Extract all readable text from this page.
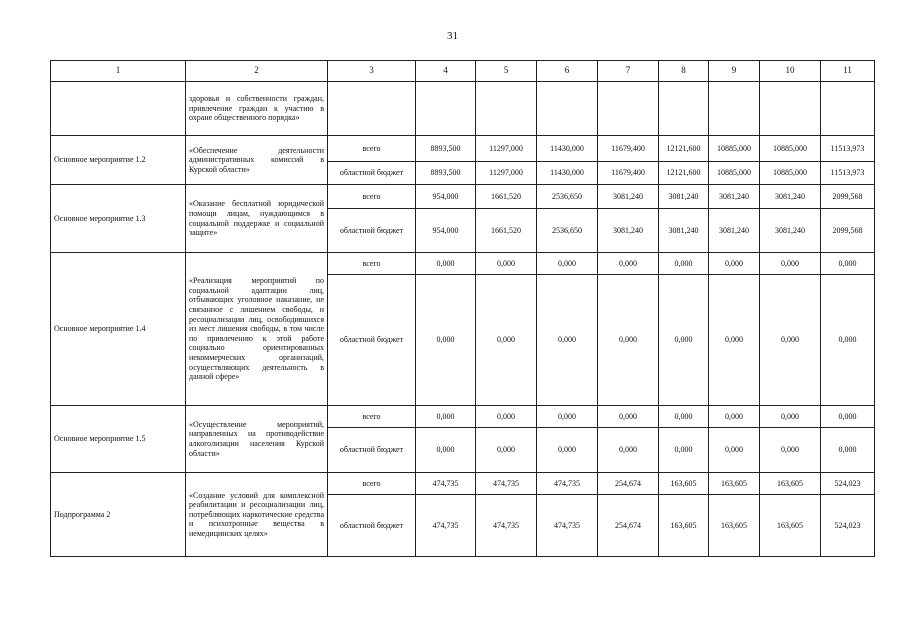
31
1	2	3	4	5	6	7	8	9	10	11
	здоровья и собственности граждан, привлечение граждан к участию в охране общественного порядка»									
Основное мероприятие 1.2	«Обеспечение деятельности административных комиссий в Курской области»	всего	8893,500	11297,000	11430,000	11679,400	12121,600	10885,000	10885,000	11513,973
		областной бюджет	8893,500	11297,000	11430,000	11679,400	12121,600	10885,000	10885,000	11513,973
Основное мероприятие 1.3	«Оказание бесплатной юридической помощи лицам, нуждающимся в социальной поддержке и социальной защите»	всего	954,000	1661,520	2536,650	3081,240	3081,240	3081,240	3081,240	2099,568
		областной бюджет	954,000	1661,520	2536,650	3081,240	3081,240	3081,240	3081,240	2099,568
Основное мероприятие 1.4	«Реализация мероприятий по социальной адаптации лиц, отбывающих уголовное наказание, не связанное с лишением свободы, и ресоциализации лиц, освободившихся из мест лишения свободы, в том числе по привлечению к этой работе социально ориентированных некоммерческих организаций, осуществляющих деятельность в данной сфере»	всего	0,000	0,000	0,000	0,000	0,000	0,000	0,000	0,000
		областной бюджет	0,000	0,000	0,000	0,000	0,000	0,000	0,000	0,000
Основное мероприятие 1.5	«Осуществление мероприятий, направленных на противодействие алкоголизации населения Курской области»	всего	0,000	0,000	0,000	0,000	0,000	0,000	0,000	0,000
		областной бюджет	0,000	0,000	0,000	0,000	0,000	0,000	0,000	0,000
Подпрограмма 2	«Создание условий для комплексной реабилитации и ресоциализации лиц, потребляющих наркотические средства и психотропные вещества в немедицинских целях»	всего	474,735	474,735	474,735	254,674	163,605	163,605	163,605	524,023
		областной бюджет	474,735	474,735	474,735	254,674	163,605	163,605	163,605	524,023
